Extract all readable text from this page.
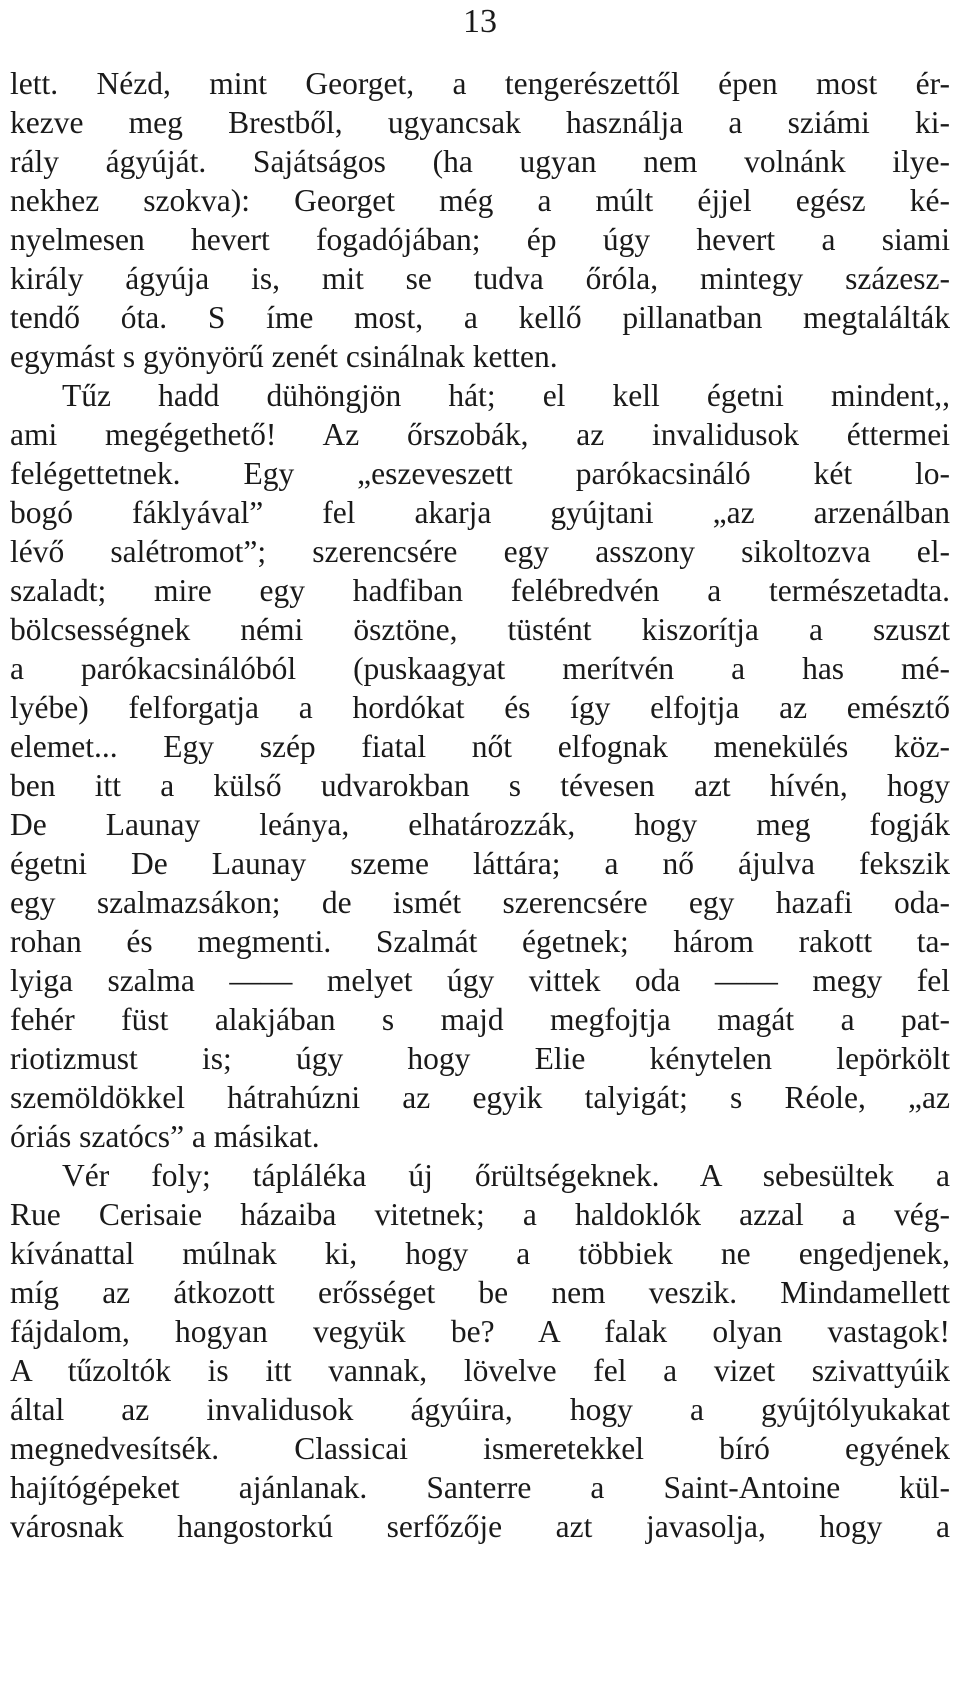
13
lett. Nézd, mint Georget, a tengerészettől épen most ér-
kezve meg Brestből, ugyancsak használja a sziámi ki-
rály ágyúját. Sajátságos (ha ugyan nem volnánk ilye-
nekhez szokva): Georget még a múlt éjjel egész ké-
nyelmesen hevert fogadójában; ép úgy hevert a siami
király ágyúja is, mit se tudva őróla, mintegy százesz-
tendő óta. S íme most, a kellő pillanatban megtalálták
egymást s gyönyörű zenét csinálnak ketten.
Tűz hadd dühöngjön hát; el kell égetni mindent,,
ami megégethető! Az őrszobák, az invalidusok éttermei
felégettetnek. Egy „eszeveszett parókacsináló két lo-
bogó fáklyával” fel akarja gyújtani „az arzenálban
lévő salétromot”; szerencsére egy asszony sikoltozva el-
szaladt; mire egy hadfiban felébredvén a természetadta.
bölcsességnek némi ösztöne, tüstént kiszorítja a szuszt
a parókacsinálóból (puskaagyat merítvén a has mé-
lyébe) felforgatja a hordókat és így elfojtja az emésztő
elemet... Egy szép fiatal nőt elfognak menekülés köz-
ben itt a külső udvarokban s tévesen azt hívén, hogy
De Launay leánya, elhatározzák, hogy meg fogják
égetni De Launay szeme láttára; a nő ájulva fekszik
egy szalmazsákon; de ismét szerencsére egy hazafi oda-
rohan és megmenti. Szalmát égetnek; három rakott ta-
lyiga szalma —— melyet úgy vittek oda —— megy fel
fehér füst alakjában s majd megfojtja magát a pat-
riotizmust is; úgy hogy Elie kénytelen lepörkölt
szemöldökkel hátrahúzni az egyik talyigát; s Réole, „az
óriás szatócs” a másikat.
Vér foly; tápláléka új őrültségeknek. A sebesültek a
Rue Cerisaie házaiba vitetnek; a haldoklók azzal a vég-
kívánattal múlnak ki, hogy a többiek ne engedjenek,
míg az átkozott erősséget be nem veszik. Mindamellett
fájdalom, hogyan vegyük be? A falak olyan vastagok!
A tűzoltók is itt vannak, lövelve fel a vizet szivattyúik
által az invalidusok ágyúira, hogy a gyújtólyukakat
megnedvesítsék. Classicai ismeretekkel bíró egyének
hajítógépeket ajánlanak. Santerre a Saint-Antoine kül-
városnak hangostorkú serfőzője azt javasolja, hogy a
